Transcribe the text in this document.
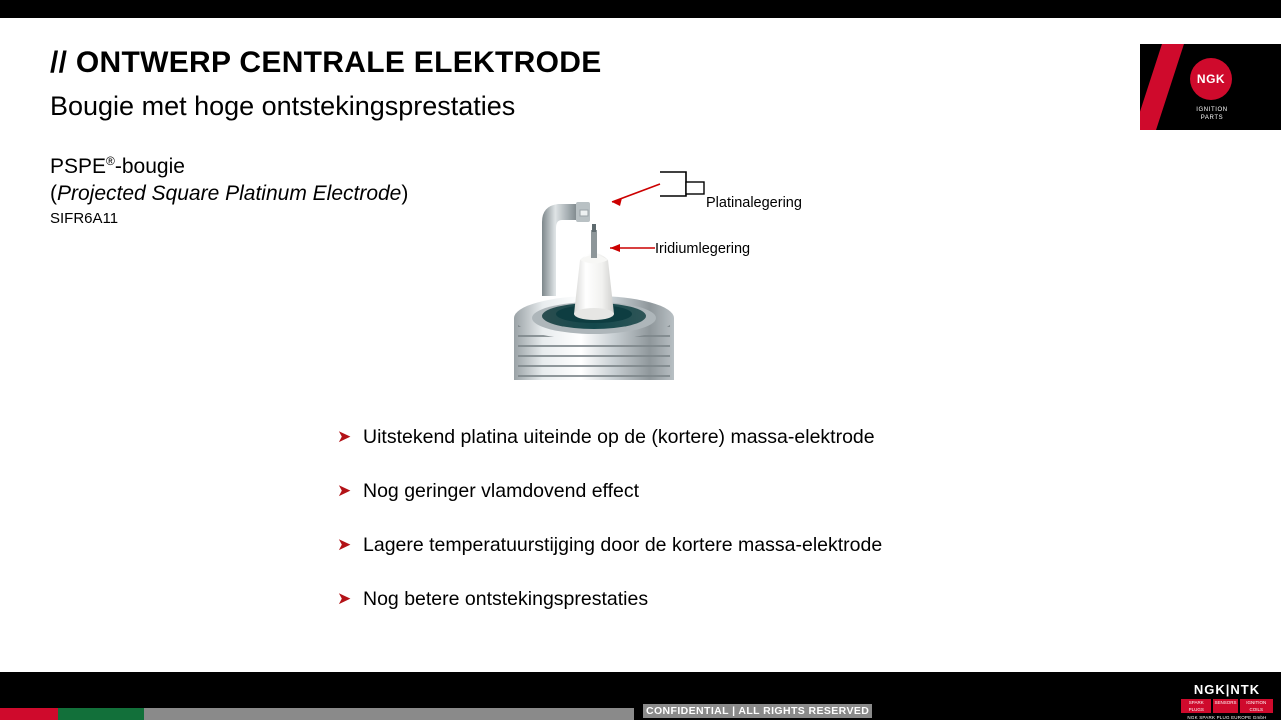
NGK
IGNITION
PARTS
// ONTWERP CENTRALE ELEKTRODE
Bougie met hoge ontstekingsprestaties
PSPE®-bougie
(Projected Square Platinum Electrode)
SIFR6A11
Platinalegering
Iridiumlegering
➤ Uitstekend platina uiteinde op de (kortere) massa-elektrode
➤ Nog geringer vlamdovend effect
➤ Lagere temperatuurstijging door de kortere massa-elektrode
➤ Nog betere ontstekingsprestaties
CONFIDENTIAL | ALL RIGHTS RESERVED
NGK|NTK
SPARK PLUGS
SENSORS	IGNITION COILS
NGK SPARK PLUG EUROPE GmbH
